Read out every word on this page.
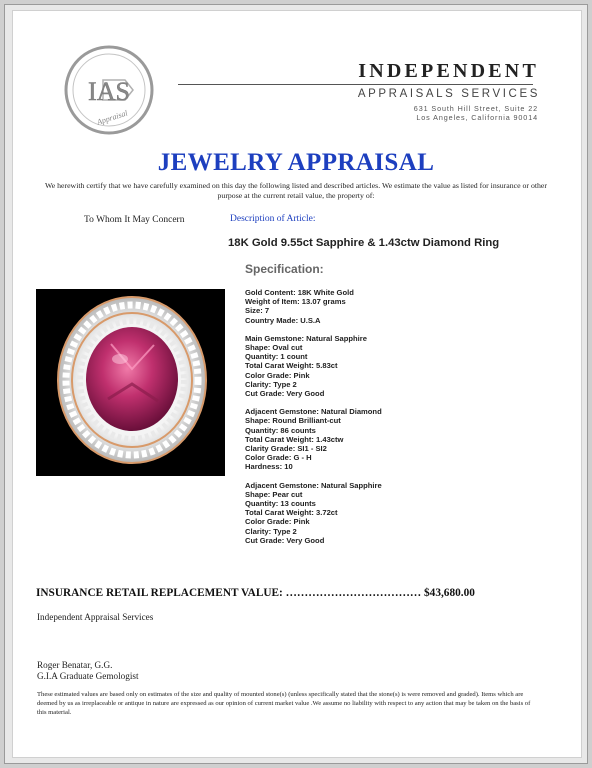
IAS
Appraisal
INDEPENDENT
APPRAISALS SERVICES
631 South Hill Street, Suite 22
Los Angeles, California 90014
JEWELRY APPRAISAL
We herewith certify that we have carefully examined on this day the following listed and described articles. We estimate the value as listed for insurance or other purpose at the current retail value, the property of:
To Whom It May Concern	Description of Article:
18K Gold 9.55ct Sapphire & 1.43ctw Diamond Ring
Specification:
Gold Content: 18K White Gold
Weight of Item: 13.07 grams
Size: 7
Country Made: U.S.A
Main Gemstone: Natural Sapphire
Shape: Oval cut
Quantity: 1 count
Total Carat Weight: 5.83ct
Color Grade: Pink
Clarity: Type 2
Cut Grade: Very Good
Adjacent Gemstone: Natural Diamond
Shape: Round Brilliant-cut
Quantity: 86 counts
Total Carat Weight: 1.43ctw
Clarity Grade: SI1 - SI2
Color Grade: G - H
Hardness: 10
Adjacent Gemstone: Natural Sapphire
Shape: Pear cut
Quantity: 13 counts
Total Carat Weight: 3.72ct
Color Grade: Pink
Clarity: Type 2
Cut Grade: Very Good
INSURANCE RETAIL REPLACEMENT VALUE: ……………………………… $43,680.00
Independent Appraisal Services
Roger Benatar, G.G.
G.I.A Graduate Gemologist
These estimated values are based only on estimates of the size and quality of mounted stone(s) (unless specifically stated that the stone(s) is were removed and graded). Items which are deemed by us as irreplaceable or antique in nature are expressed as our opinion of current market value .We assume no liability with respect to any action that may be taken on the basis of this material.
